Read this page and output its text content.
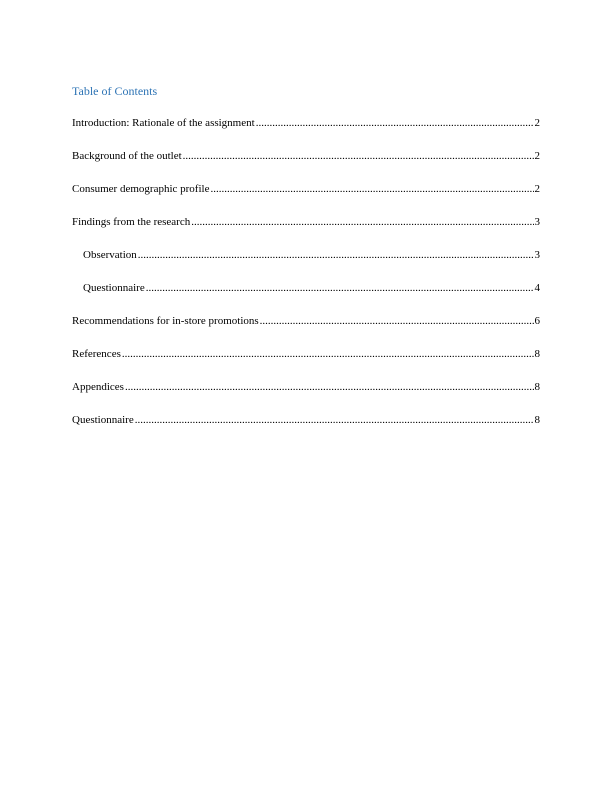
Table of Contents
Introduction: Rationale of the assignment .....	2
Background of the outlet .....	2
Consumer demographic profile .....	2
Findings from the research .....	3
Observation .....	3
Questionnaire .....	4
Recommendations for in-store promotions .....	6
References .....	8
Appendices .....	8
Questionnaire .....	8
